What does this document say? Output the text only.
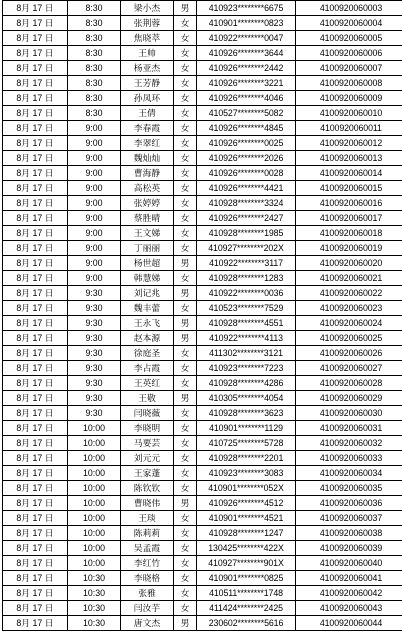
8月 17 日	8:30	梁小杰	男	410923********6675	4100920060003
8月 17 日	8:30	张荆蓉	女	410901********0823	4100920060004
8月 17 日	8:30	焦晓萃	女	410922********0047	4100920060005
8月 17 日	8:30	王帅	女	410926********3644	4100920060006
8月 17 日	8:30	杨亚杰	女	410926********2442	4100920060007
8月 17 日	8:30	王芳静	女	410926********3221	4100920060008
8月 17 日	8:30	孙凤环	女	410926********4046	4100920060009
8月 17 日	8:30	王倩	女	410527********5082	4100920060010
8月 17 日	9:00	李春霞	女	410926********4845	4100920060011
8月 17 日	9:00	李翠红	女	410926********0025	4100920060012
8月 17 日	9:00	魏灿灿	女	410926********2026	4100920060013
8月 17 日	9:00	曹海静	女	410926********0028	4100920060014
8月 17 日	9:00	高松英	女	410926********4421	4100920060015
8月 17 日	9:00	张婷婷	女	410928********3324	4100920060016
8月 17 日	9:00	蔡胜晴	女	410926********2427	4100920060017
8月 17 日	9:00	王文娣	女	410928********1985	4100920060018
8月 17 日	9:00	丁丽丽	女	410927********202X	4100920060019
8月 17 日	9:00	杨世超	男	410922********3117	4100920060020
8月 17 日	9:00	韩慧娣	女	410928********1283	4100920060021
8月 17 日	9:30	刘记兆	男	410922********0036	4100920060022
8月 17 日	9:30	魏丰蕾	女	410523********7529	4100920060023
8月 17 日	9:30	王永飞	男	410928********4551	4100920060024
8月 17 日	9:30	赵本源	男	410922********4113	4100920060025
8月 17 日	9:30	徐庭圣	女	411302********3121	4100920060026
8月 17 日	9:30	李占霞	女	410923********7223	4100920060027
8月 17 日	9:30	王英红	女	410928********4286	4100920060028
8月 17 日	9:30	王敬	男	410305********4054	4100920060029
8月 17 日	9:30	闫晓薇	女	410928********3623	4100920060030
8月 17 日	10:00	李晓明	女	410901********1129	4100920060031
8月 17 日	10:00	马要芸	女	410725********5728	4100920060032
8月 17 日	10:00	刘元元	女	410928********2201	4100920060033
8月 17 日	10:00	王家蓬	女	410923********3083	4100920060034
8月 17 日	10:00	陈钦钦	女	410901********052X	4100920060035
8月 17 日	10:00	曹晓伟	男	410926********4512	4100920060036
8月 17 日	10:00	王琰	女	410901********4521	4100920060037
8月 17 日	10:00	陈莉莉	女	410928********1247	4100920060038
8月 17 日	10:00	吴孟霞	女	130425********422X	4100920060039
8月 17 日	10:00	李红竹	女	410927********901X	4100920060040
8月 17 日	10:30	李晓格	女	410901********0825	4100920060041
8月 17 日	10:30	张雅	女	410511********1748	4100920060042
8月 17 日	10:30	闫汝芋	女	411424********2425	4100920060043
8月 17 日	10:30	唐文杰	男	230602********5616	4100920060044
